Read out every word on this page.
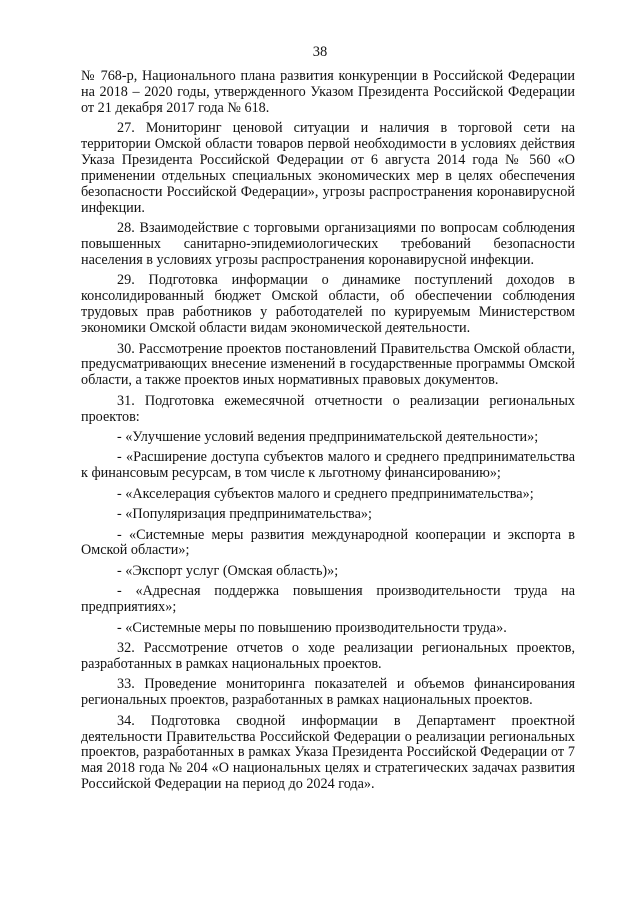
38

№ 768-р, Национального плана развития конкуренции в Российской Федерации на 2018 – 2020 годы, утвержденного Указом Президента Российской Федерации от 21 декабря 2017 года № 618.

27. Мониторинг ценовой ситуации и наличия в торговой сети на территории Омской области товаров первой необходимости в условиях действия Указа Президента Российской Федерации от 6 августа 2014 года № 560 «О применении отдельных специальных экономических мер в целях обеспечения безопасности Российской Федерации», угрозы распространения коронавирусной инфекции.

28. Взаимодействие с торговыми организациями по вопросам соблюдения повышенных санитарно-эпидемиологических требований безопасности населения в условиях угрозы распространения коронавирусной инфекции.

29. Подготовка информации о динамике поступлений доходов в консолидированный бюджет Омской области, об обеспечении соблюдения трудовых прав работников у работодателей по курируемым Министерством экономики Омской области видам экономической деятельности.

30. Рассмотрение проектов постановлений Правительства Омской области, предусматривающих внесение изменений в государственные программы Омской области, а также проектов иных нормативных правовых документов.

31. Подготовка ежемесячной отчетности о реализации региональных проектов:

- «Улучшение условий ведения предпринимательской деятельности»;

- «Расширение доступа субъектов малого и среднего предпринимательства к финансовым ресурсам, в том числе к льготному финансированию»;

- «Акселерация субъектов малого и среднего предпринимательства»;

- «Популяризация предпринимательства»;

- «Системные меры развития международной кооперации и экспорта в Омской области»;

- «Экспорт услуг (Омская область)»;

- «Адресная поддержка повышения производительности труда на предприятиях»;

- «Системные меры по повышению производительности труда».

32. Рассмотрение отчетов о ходе реализации региональных проектов, разработанных в рамках национальных проектов.

33. Проведение мониторинга показателей и объемов финансирования региональных проектов, разработанных в рамках национальных проектов.

34. Подготовка сводной информации в Департамент проектной деятельности Правительства Российской Федерации о реализации региональных проектов, разработанных в рамках Указа Президента Российской Федерации от 7 мая 2018 года № 204 «О национальных целях и стратегических задачах развития Российской Федерации на период до 2024 года».
